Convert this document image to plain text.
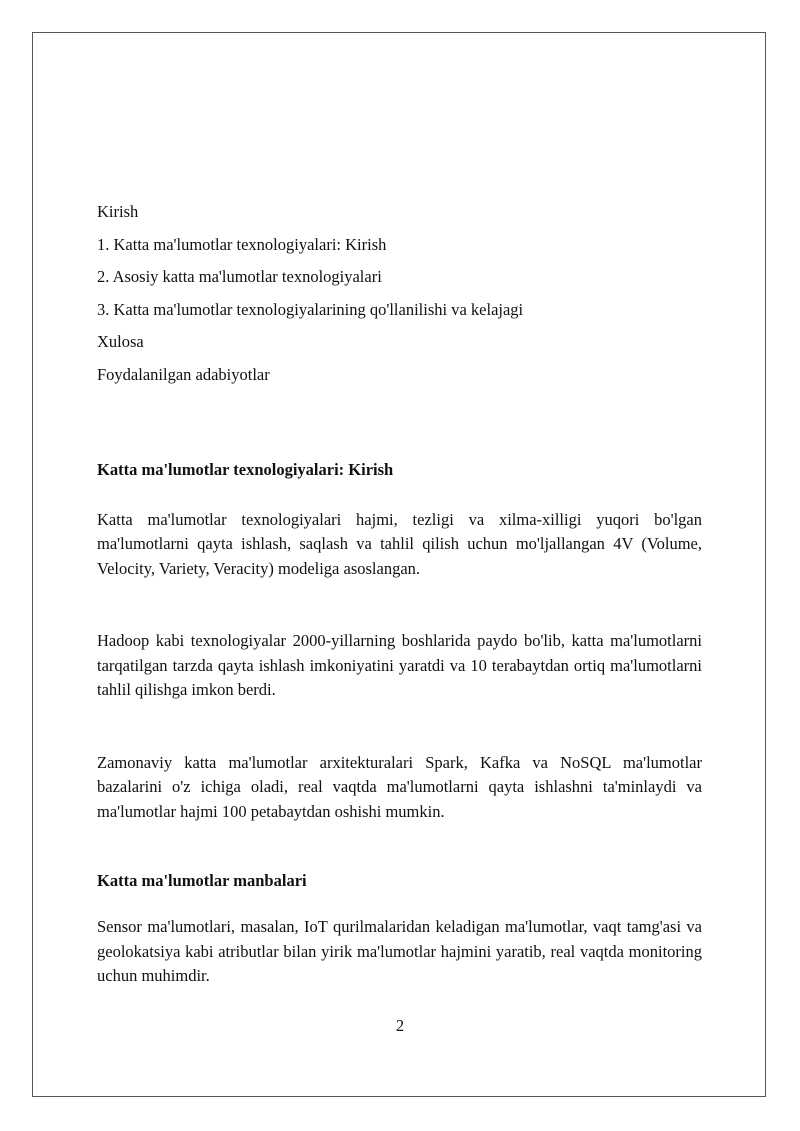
Kirish
1. Katta ma'lumotlar texnologiyalari: Kirish
2. Asosiy katta ma'lumotlar texnologiyalari
3. Katta ma'lumotlar texnologiyalarining qo'llanilishi va kelajagi
Xulosa
Foydalanilgan adabiyotlar
Katta ma'lumotlar texnologiyalari: Kirish

Katta ma'lumotlar texnologiyalari hajmi, tezligi va xilma-xilligi yuqori bo'lgan ma'lumotlarni qayta ishlash, saqlash va tahlil qilish uchun mo'ljallangan 4V (Volume, Velocity, Variety, Veracity) modeliga asoslangan.

Hadoop kabi texnologiyalar 2000-yillarning boshlarida paydo bo'lib, katta ma'lumotlarni tarqatilgan tarzda qayta ishlash imkoniyatini yaratdi va 10 terabaytdan ortiq ma'lumotlarni tahlil qilishga imkon berdi.

Zamonaviy katta ma'lumotlar arxitekturalari Spark, Kafka va NoSQL ma'lumotlar bazalarini o'z ichiga oladi, real vaqtda ma'lumotlarni qayta ishlashni ta'minlaydi va ma'lumotlar hajmi 100 petabaytdan oshishi mumkin.

Katta ma'lumotlar manbalari

Sensor ma'lumotlari, masalan, IoT qurilmalaridan keladigan ma'lumotlar, vaqt tamg'asi va geolokatsiya kabi atributlar bilan yirik ma'lumotlar hajmini yaratib, real vaqtda monitoring uchun muhimdir.

2
